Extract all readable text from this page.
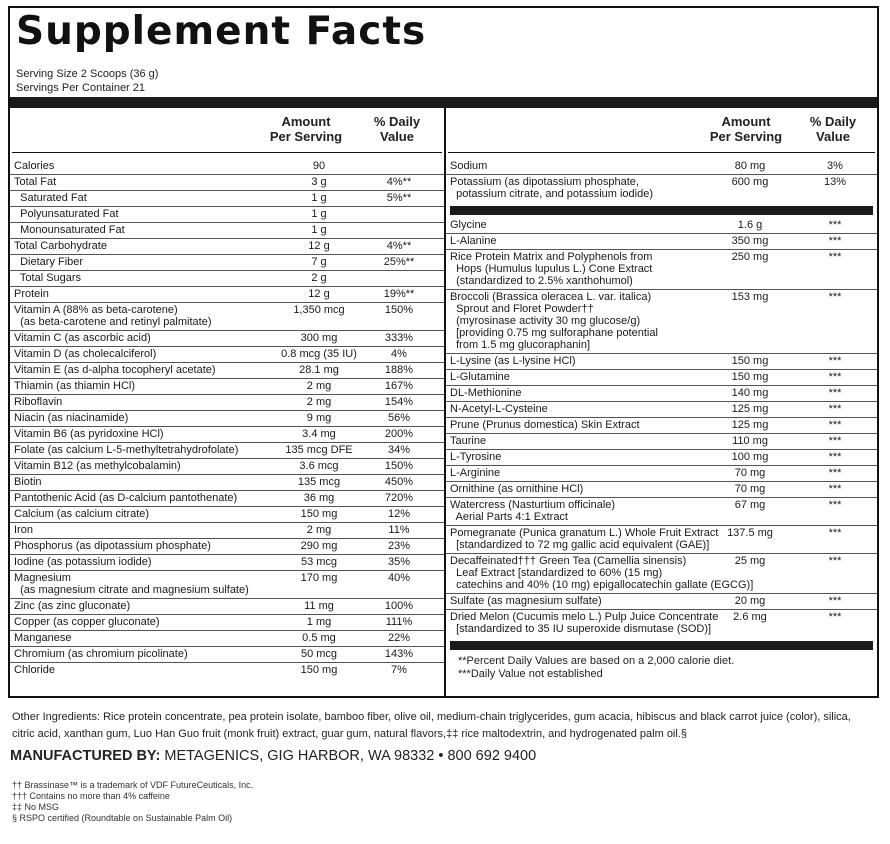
Supplement Facts
Serving Size 2 Scoops (36 g)
Servings Per Container 21
Amount
Per Serving
% Daily
Value
Calories	90
Total Fat	3 g	4%**
Saturated Fat	1 g	5%**
Polyunsaturated Fat	1 g
Monounsaturated Fat	1 g
Total Carbohydrate	12 g	4%**
Dietary Fiber	7 g	25%**
Total Sugars	2 g
Protein	12 g	19%**
Vitamin A (88% as beta-carotene)
(as beta-carotene and retinyl palmitate)
1,350 mcg	150%
Vitamin C (as ascorbic acid)	300 mg	333%
Vitamin D (as cholecalciferol)	0.8 mcg (35 IU)	4%
Vitamin E (as d-alpha tocopheryl acetate)	28.1 mg	188%
Thiamin (as thiamin HCl)	2 mg	167%
Riboflavin	2 mg	154%
Niacin (as niacinamide)	9 mg	56%
Vitamin B6 (as pyridoxine HCl)	3.4 mg	200%
Folate (as calcium L-5-methyltetrahydrofolate)	135 mcg DFE	34%
Vitamin B12 (as methylcobalamin)	3.6 mcg	150%
Biotin	135 mcg	450%
Pantothenic Acid (as D-calcium pantothenate)	36 mg	720%
Calcium (as calcium citrate)	150 mg	12%
Iron	2 mg	11%
Phosphorus (as dipotassium phosphate)	290 mg	23%
Iodine (as potassium iodide)	53 mcg	35%
Magnesium
(as magnesium citrate and magnesium sulfate)
170 mg	40%
Zinc (as zinc gluconate)	11 mg	100%
Copper (as copper gluconate)	1 mg	111%
Manganese	0.5 mg	22%
Chromium (as chromium picolinate)	50 mcg	143%
Chloride	150 mg	7%
Amount
Per Serving
% Daily
Value
Sodium	80 mg	3%
Potassium (as dipotassium phosphate,
potassium citrate, and potassium iodide)
600 mg	13%
Glycine	1.6 g	***
L-Alanine	350 mg	***
Rice Protein Matrix and Polyphenols from
Hops (Humulus lupulus L.) Cone Extract
(standardized to 2.5% xanthohumol)
250 mg	***
Broccoli (Brassica oleracea L. var. italica)
Sprout and Floret Powder††
(myrosinase activity 30 mg glucose/g)
[providing 0.75 mg sulforaphane potential
from 1.5 mg glucoraphanin]
153 mg	***
L-Lysine (as L-lysine HCl)	150 mg	***
L-Glutamine	150 mg	***
DL-Methionine	140 mg	***
N-Acetyl-L-Cysteine	125 mg	***
Prune (Prunus domestica) Skin Extract	125 mg	***
Taurine	110 mg	***
L-Tyrosine	100 mg	***
L-Arginine	70 mg	***
Ornithine (as ornithine HCl)	70 mg	***
Watercress (Nasturtium officinale)
Aerial Parts 4:1 Extract
67 mg	***
Pomegranate (Punica granatum L.) Whole Fruit Extract
[standardized to 72 mg gallic acid equivalent (GAE)]
137.5 mg	***
Decaffeinated††† Green Tea (Camellia sinensis)
Leaf Extract [standardized to 60% (15 mg)
catechins and 40% (10 mg) epigallocatechin gallate (EGCG)]
25 mg	***
Sulfate (as magnesium sulfate)	20 mg	***
Dried Melon (Cucumis melo L.) Pulp Juice Concentrate
[standardized to 35 IU superoxide dismutase (SOD)]
2.6 mg	***
**Percent Daily Values are based on a 2,000 calorie diet.
***Daily Value not established
Other Ingredients: Rice protein concentrate, pea protein isolate, bamboo fiber, olive oil, medium-chain triglycerides, gum acacia, hibiscus and black carrot juice (color), silica, citric acid, xanthan gum, Luo Han Guo fruit (monk fruit) extract, guar gum, natural flavors,‡‡ rice maltodextrin, and hydrogenated palm oil.§
MANUFACTURED BY: METAGENICS, GIG HARBOR, WA 98332 • 800 692 9400
†† Brassinase™ is a trademark of VDF FutureCeuticals, Inc.
††† Contains no more than 4% caffeine
‡‡ No MSG
§ RSPO certified (Roundtable on Sustainable Palm Oil)
